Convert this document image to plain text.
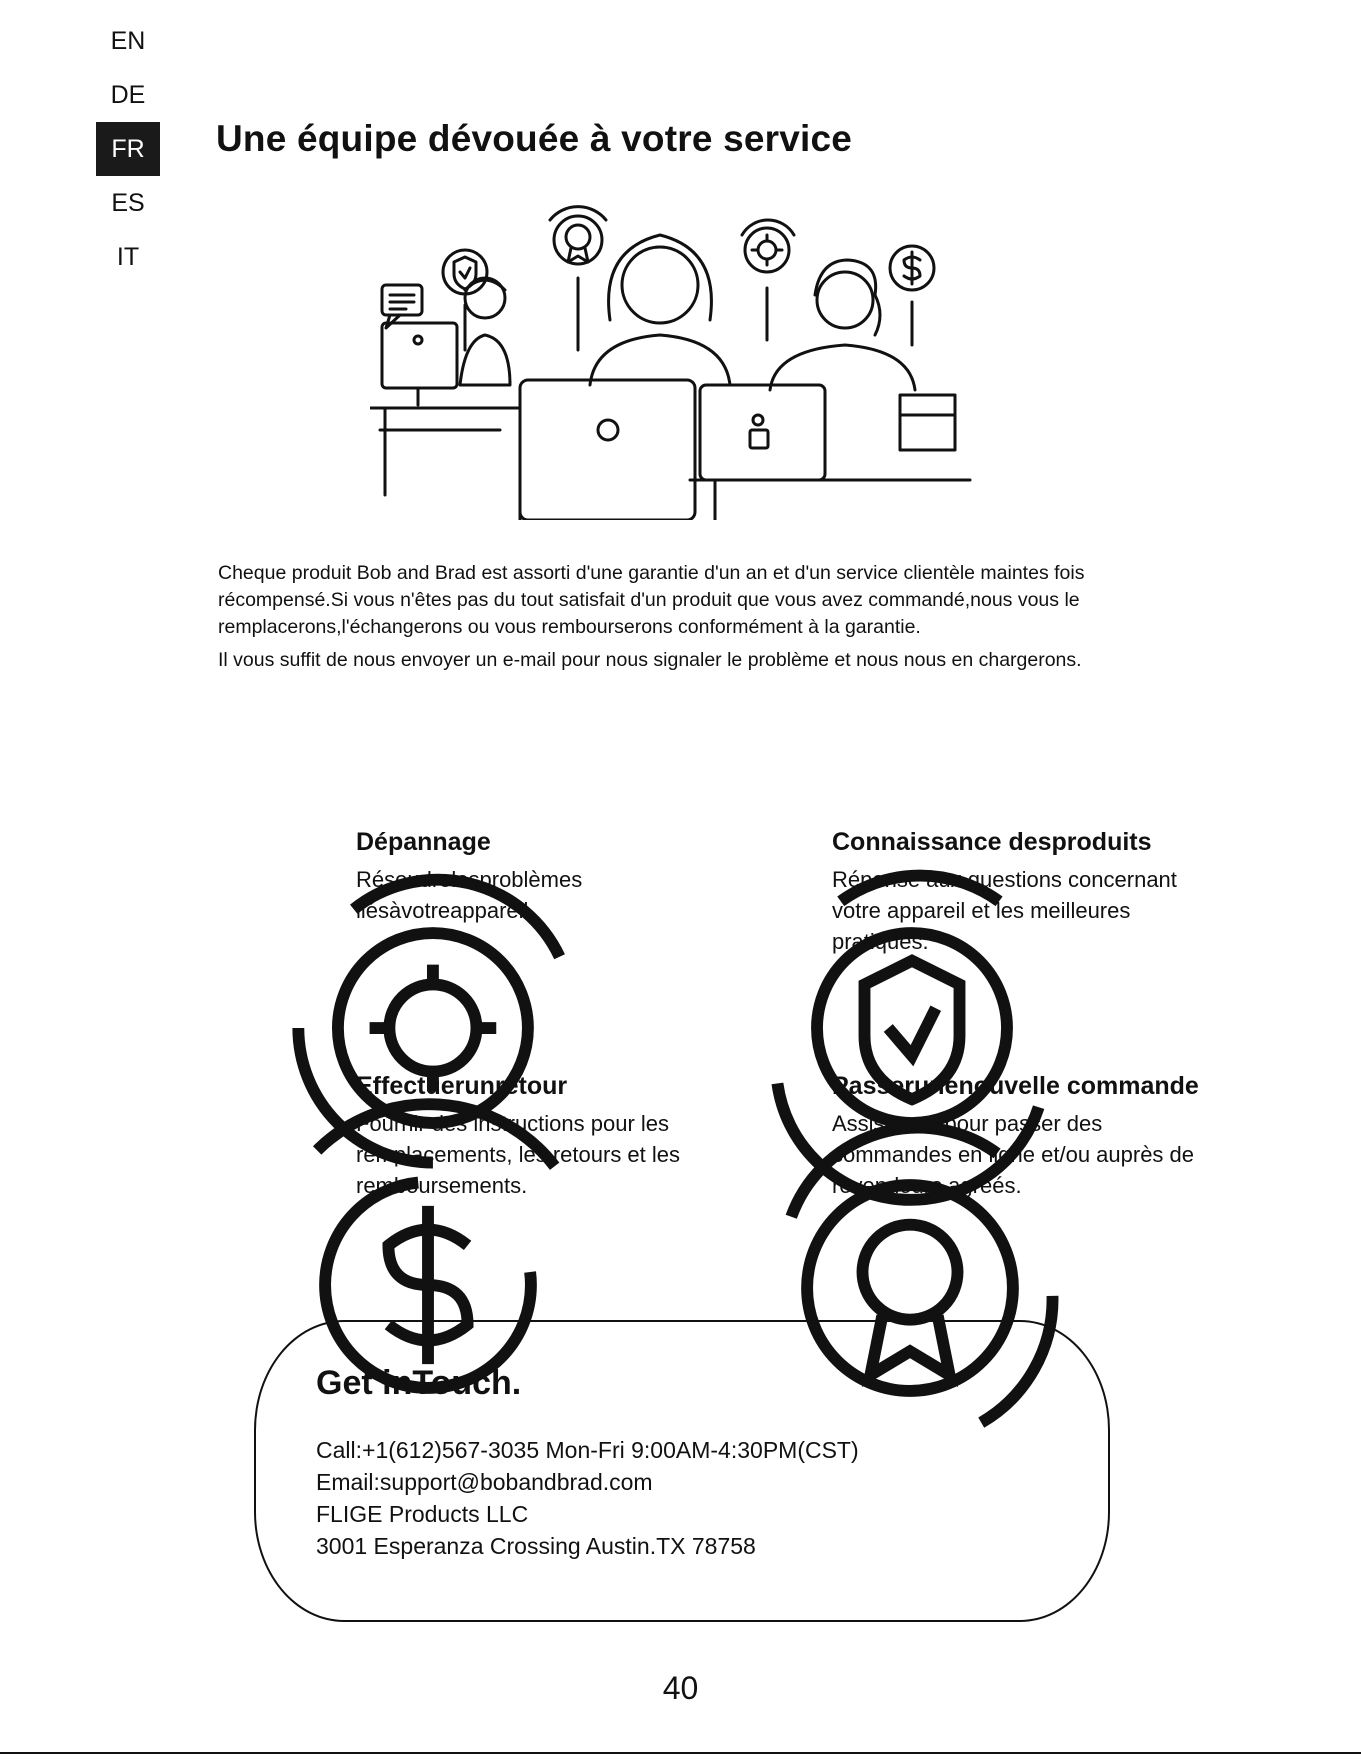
EN
DE
FR
ES
IT
Une équipe dévouée à votre service

Cheque produit Bob and Brad est assorti d'une garantie d'un an et d'un service clientèle maintes fois récompensé.Si vous n'êtes pas du tout satisfait d'un produit que vous avez commandé,nous vous le remplacerons,l'échangerons ou vous rembourserons conformément à la garantie.

Il vous suffit de nous envoyer un e-mail pour nous signaler le problème et nous nous en chargerons.

Dépannage

Résoudrelesproblèmes liésàvotreappareil.

Connaissance desproduits

Réponse aux questions concernant votre appareil et les meilleures pratiques.

Effectuerunretour

Fournir des instructions pour les remplacements, les retours et les remboursements.

Passerunenouvelle commande

Assistance pour passer des commandes en ligne et/ou auprès de revendeurs agréés.

Get inTouch.
Call:+1(612)567-3035 Mon-Fri 9:00AM-4:30PM(CST)
Email:support@bobandbrad.com
FLIGE Products LLC
3001 Esperanza Crossing Austin.TX 78758
40
